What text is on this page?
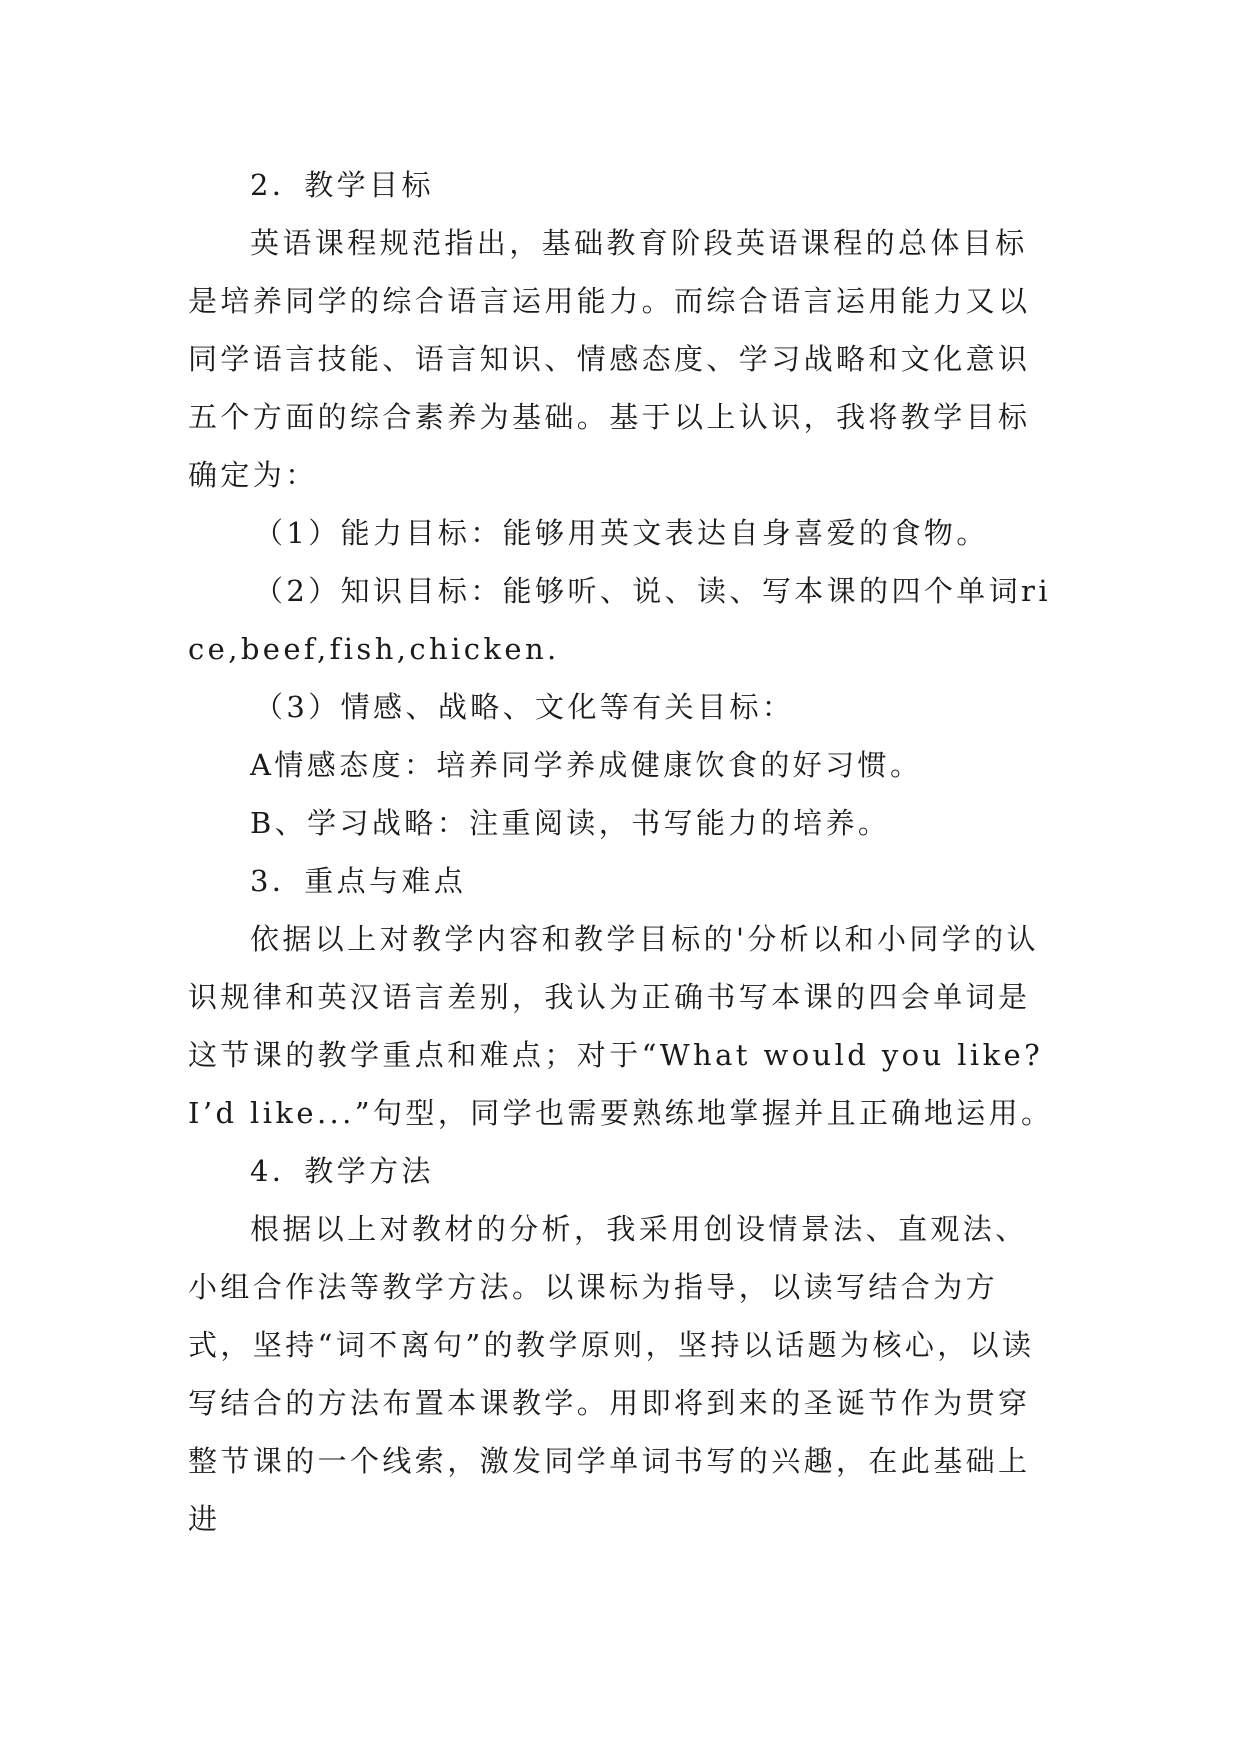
2．教学目标

英语课程规范指出，基础教育阶段英语课程的总体目标是培养同学的综合语言运用能力。而综合语言运用能力又以同学语言技能、语言知识、情感态度、学习战略和文化意识五个方面的综合素养为基础。基于以上认识，我将教学目标确定为：

（1）能力目标：能够用英文表达自身喜爱的食物。

（2）知识目标：能够听、说、读、写本课的四个单词rice,beef,fish,chicken.

（3）情感、战略、文化等有关目标：

A情感态度：培养同学养成健康饮食的好习惯。

B、学习战略：注重阅读，书写能力的培养。

3．重点与难点

依据以上对教学内容和教学目标的'分析以和小同学的认识规律和英汉语言差别，我认为正确书写本课的四会单词是这节课的教学重点和难点；对于“What would you like? I’d like...”句型，同学也需要熟练地掌握并且正确地运用。

4．教学方法

根据以上对教材的分析，我采用创设情景法、直观法、小组合作法等教学方法。以课标为指导，以读写结合为方式，坚持“词不离句”的教学原则，坚持以话题为核心，以读写结合的方法布置本课教学。用即将到来的圣诞节作为贯穿整节课的一个线索，激发同学单词书写的兴趣，在此基础上进
